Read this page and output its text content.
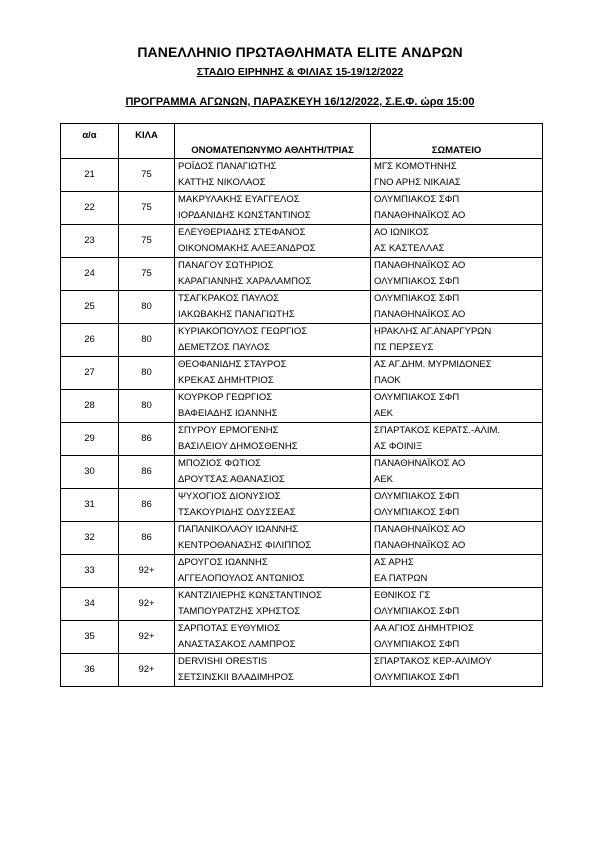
ΠΑΝΕΛΛΗΝΙΟ ΠΡΩΤΑΘΛΗΜΑΤΑ ELITE ΑΝΔΡΩΝ
ΣΤΑΔΙΟ ΕΙΡΗΝΗΣ & ΦΙΛΙΑΣ 15-19/12/2022
ΠΡΟΓΡΑΜΜΑ ΑΓΩΝΩΝ, ΠΑΡΑΣΚΕΥΗ 16/12/2022, Σ.Ε.Φ. ώρα 15:00
α/α	ΚΙΛΑ	ΟΝΟΜΑΤΕΠΩΝΥΜΟ ΑΘΛΗΤΗ/ΤΡΙΑΣ	ΣΩΜΑΤΕΙΟ
21	75	ΡΟΪΔΟΣ ΠΑΝΑΓΙΩΤΗΣ	ΜΓΣ ΚΟΜΟΤΗΝΗΣ
		ΚΑΤΤΗΣ ΝΙΚΟΛΑΟΣ	ΓΝΟ ΑΡΗΣ ΝΙΚΑΙΑΣ
22	75	ΜΑΚΡΥΛΑΚΗΣ ΕΥΑΓΓΕΛΟΣ	ΟΛΥΜΠΙΑΚΟΣ ΣΦΠ
		ΙΟΡΔΑΝΙΔΗΣ ΚΩΝΣΤΑΝΤΙΝΟΣ	ΠΑΝΑΘΗΝΑΪΚΟΣ ΑΟ
23	75	ΕΛΕΥΘΕΡΙΑΔΗΣ ΣΤΕΦΑΝΟΣ	ΑΟ ΙΩΝΙΚΟΣ
		ΟΙΚΟΝΟΜΑΚΗΣ ΑΛΕΞΑΝΔΡΟΣ	ΑΣ ΚΑΣΤΕΛΛΑΣ
24	75	ΠΑΝΑΓΟΥ ΣΩΤΗΡΙΟΣ	ΠΑΝΑΘΗΝΑΪΚΟΣ ΑΟ
		ΚΑΡΑΓΙΑΝΝΗΣ ΧΑΡΑΛΑΜΠΟΣ	ΟΛΥΜΠΙΑΚΟΣ ΣΦΠ
25	80	ΤΣΑΓΚΡΑΚΟΣ ΠΑΥΛΟΣ	ΟΛΥΜΠΙΑΚΟΣ ΣΦΠ
		ΙΑΚΩΒΑΚΗΣ ΠΑΝΑΓΙΩΤΗΣ	ΠΑΝΑΘΗΝΑΪΚΟΣ ΑΟ
26	80	ΚΥΡΙΑΚΟΠΟΥΛΟΣ ΓΕΩΡΓΙΟΣ	ΗΡΑΚΛΗΣ ΑΓ.ΑΝΑΡΓΥΡΩΝ
		ΔΕΜΕΤΖΟΣ ΠΑΥΛΟΣ	ΠΣ ΠΕΡΣΕΥΣ
27	80	ΘΕΟΦΑΝΙΔΗΣ ΣΤΑΥΡΟΣ	ΑΣ ΑΓ.ΔΗΜ. ΜΥΡΜΙΔΟΝΕΣ
		ΚΡΕΚΑΣ ΔΗΜΗΤΡΙΟΣ	ΠΑΟΚ
28	80	ΚΟΥΡΚΟΡ ΓΕΩΡΓΙΟΣ	ΟΛΥΜΠΙΑΚΟΣ ΣΦΠ
		ΒΑΦΕΙΑΔΗΣ ΙΩΑΝΝΗΣ	ΑΕΚ
29	86	ΣΠΥΡΟΥ ΕΡΜΟΓΕΝΗΣ	ΣΠΑΡΤΑΚΟΣ ΚΕΡΑΤΣ.-ΑΛΙΜ.
		ΒΑΣΙΛΕΙΟΥ ΔΗΜΟΣΘΕΝΗΣ	ΑΣ ΦΟΙΝΙΞ
30	86	ΜΠΟΖΙΟΣ ΦΩΤΙΟΣ	ΠΑΝΑΘΗΝΑΪΚΟΣ ΑΟ
		ΔΡΟΥΤΣΑΣ ΑΘΑΝΑΣΙΟΣ	ΑΕΚ
31	86	ΨΥΧΟΓΙΟΣ ΔΙΟΝΥΣΙΟΣ	ΟΛΥΜΠΙΑΚΟΣ ΣΦΠ
		ΤΣΑΚΟΥΡΙΔΗΣ ΟΔΥΣΣΕΑΣ	ΟΛΥΜΠΙΑΚΟΣ ΣΦΠ
32	86	ΠΑΠΑΝΙΚΟΛΑΟΥ ΙΩΑΝΝΗΣ	ΠΑΝΑΘΗΝΑΪΚΟΣ ΑΟ
		ΚΕΝΤΡΟΘΑΝΑΣΗΣ ΦΙΛΙΠΠΟΣ	ΠΑΝΑΘΗΝΑΪΚΟΣ ΑΟ
33	92+	ΔΡΟΥΓΟΣ ΙΩΑΝΝΗΣ	ΑΣ ΑΡΗΣ
		ΑΓΓΕΛΟΠΟΥΛΟΣ ΑΝΤΩΝΙΟΣ	ΕΑ ΠΑΤΡΩΝ
34	92+	ΚΑΝΤΖΙΛΙΕΡΗΣ ΚΩΝΣΤΑΝΤΙΝΟΣ	ΕΘΝΙΚΟΣ ΓΣ
		ΤΑΜΠΟΥΡΑΤΖΗΣ ΧΡΗΣΤΟΣ	ΟΛΥΜΠΙΑΚΟΣ ΣΦΠ
35	92+	ΣΑΡΠΟΤΑΣ ΕΥΘΥΜΙΟΣ	ΑΑ ΑΓΙΟΣ ΔΗΜΗΤΡΙΟΣ
		ΑΝΑΣΤΑΣΑΚΟΣ ΛΑΜΠΡΟΣ	ΟΛΥΜΠΙΑΚΟΣ ΣΦΠ
36	92+	DERVISHI ORESTIS	ΣΠΑΡΤΑΚΟΣ ΚΕΡ-ΑΛΙΜΟΥ
		ΣΕΤΣΙΝΣΚΙΙ ΒΛΑΔΙΜΗΡΟΣ	ΟΛΥΜΠΙΑΚΟΣ ΣΦΠ
